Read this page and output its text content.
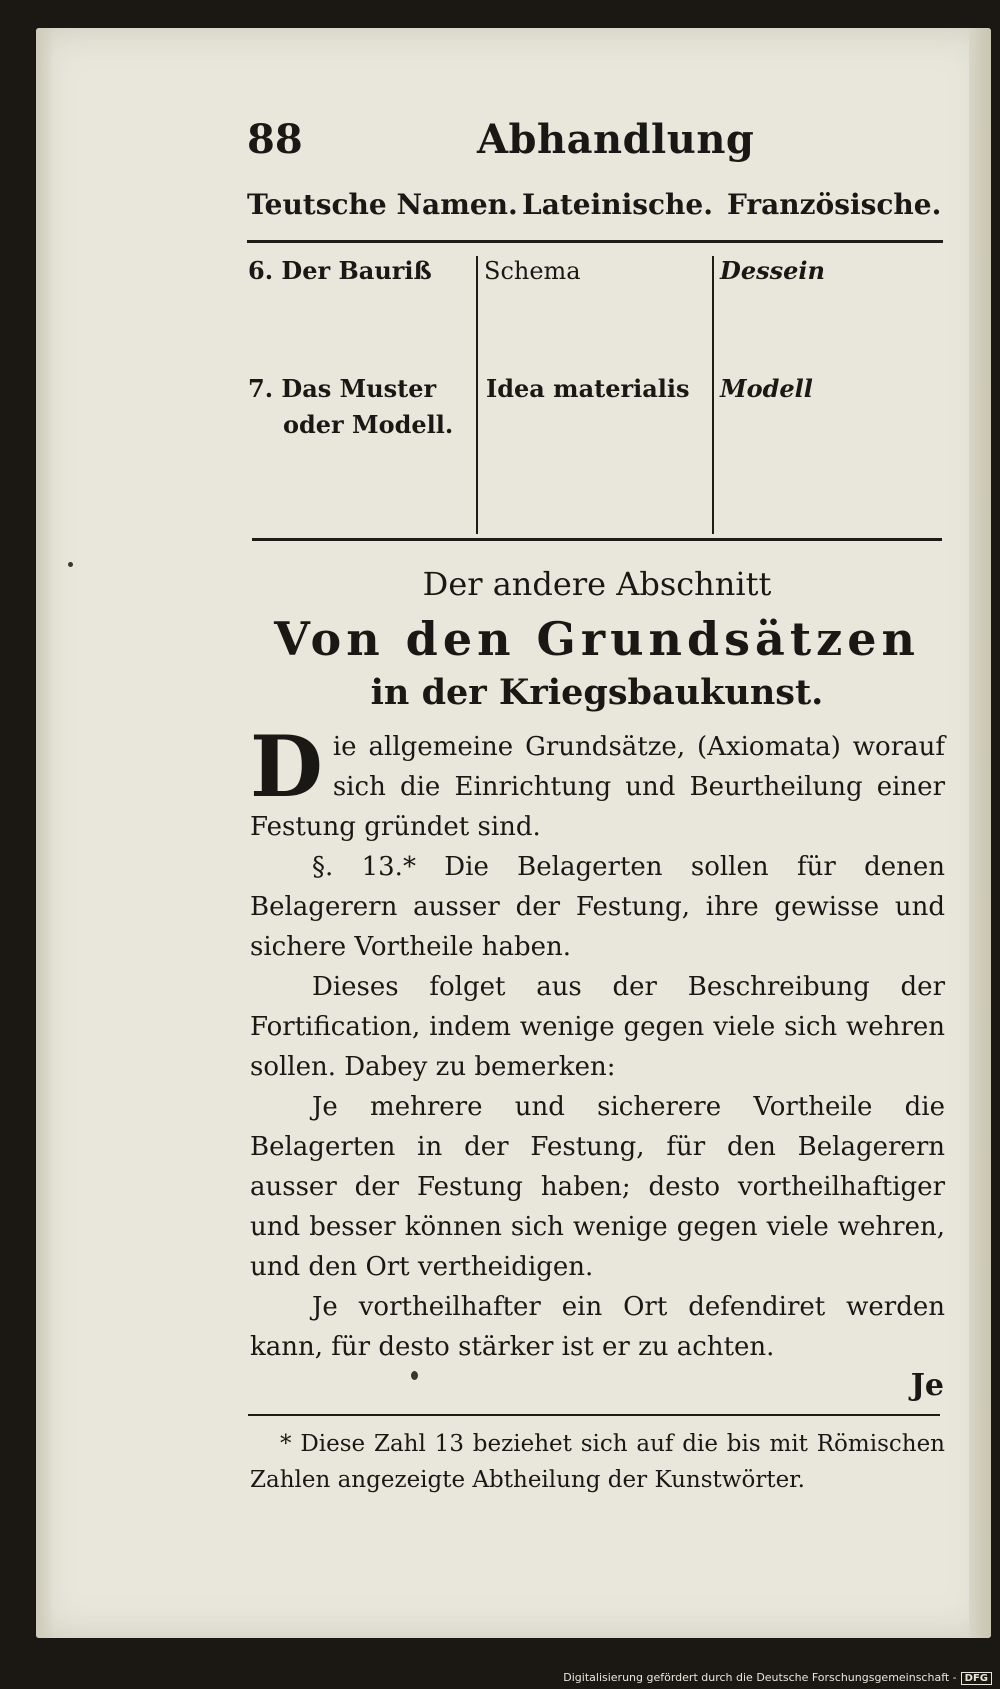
88	Abhandlung
Teutsche Namen. Lateinische. Französische.
6. Der Bauriß Schema	Dessein
7. Das Muster
oder Modell.
Idea materialis Modell
Der andere Abschnitt
Von den Grundsätzen
in der Kriegsbaukunst.

Die allgemeine Grundsätze, (Axiomata) worauf sich die Einrichtung und Beurtheilung einer Festung gründet sind.

§. 13.* Die Belagerten sollen für denen Belagerern ausser der Festung, ihre gewisse und sichere Vortheile haben.

Dieses folget aus der Beschreibung der Fortification, indem wenige gegen viele sich wehren sollen. Dabey zu bemerken:

Je mehrere und sicherere Vortheile die Belagerten in der Festung, für den Belagerern ausser der Festung haben; desto vortheilhaftiger und besser können sich wenige gegen viele wehren, und den Ort vertheidigen.

Je vortheilhafter ein Ort defendiret werden kann, für desto stärker ist er zu achten.

Je
* Diese Zahl 13 beziehet sich auf die bis mit Römischen Zahlen angezeigte Abtheilung der Kunstwörter.
Digitalisierung gefördert durch die Deutsche Forschungsgemeinschaft - DFG
